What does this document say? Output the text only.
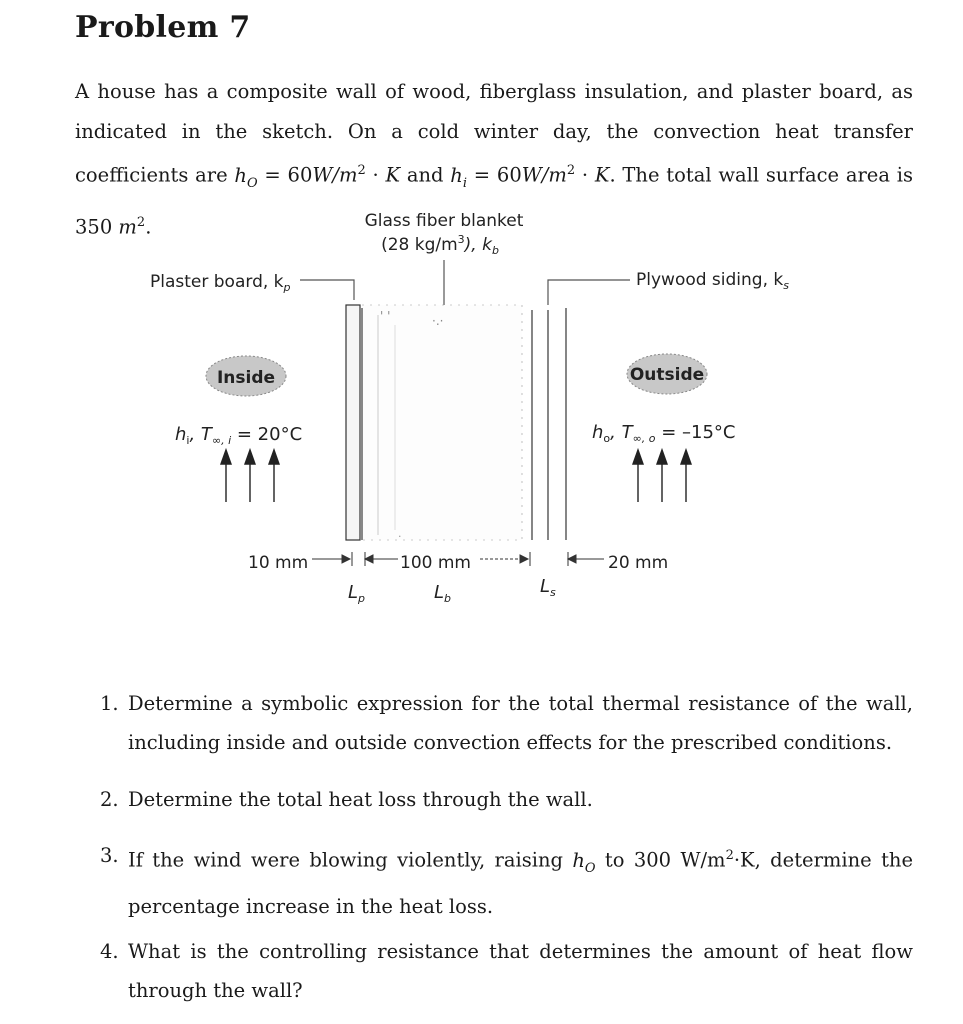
Problem 7
A house has a composite wall of wood, fiberglass insulation, and plaster board, as indicated in the sketch. On a cold winter day, the convection heat transfer coefficients are $h_O = 60W/m^2 \cdot K$ and $h_i = 60W/m^2 \cdot K$. The total wall surface area is 350 $m^2$.	Glass fiber blanket
(28 $kg/m^3$), $k_b$
Plaster board, $k_p$	Plywood siding, $k_s$
·.·
' '
·
Inside	Outside
$h_i$, $T_{\infty, i} = 20^\circ C$	$h_o$, $T_{\infty, o} = -15^\circ C$
10 mm	100 mm	20 mm
$L_p$	$L_b$
$L_s$
1. Determine a symbolic expression for the total thermal resistance of the wall, including inside and outside convection effects for the prescribed conditions.
2. Determine the total heat loss through the wall.
3. If the wind were blowing violently, raising $h_O$ to 300 $W/m^2\cdot K$, determine the percentage increase in the heat loss.
4. What is the controlling resistance that determines the amount of heat flow through the wall?
